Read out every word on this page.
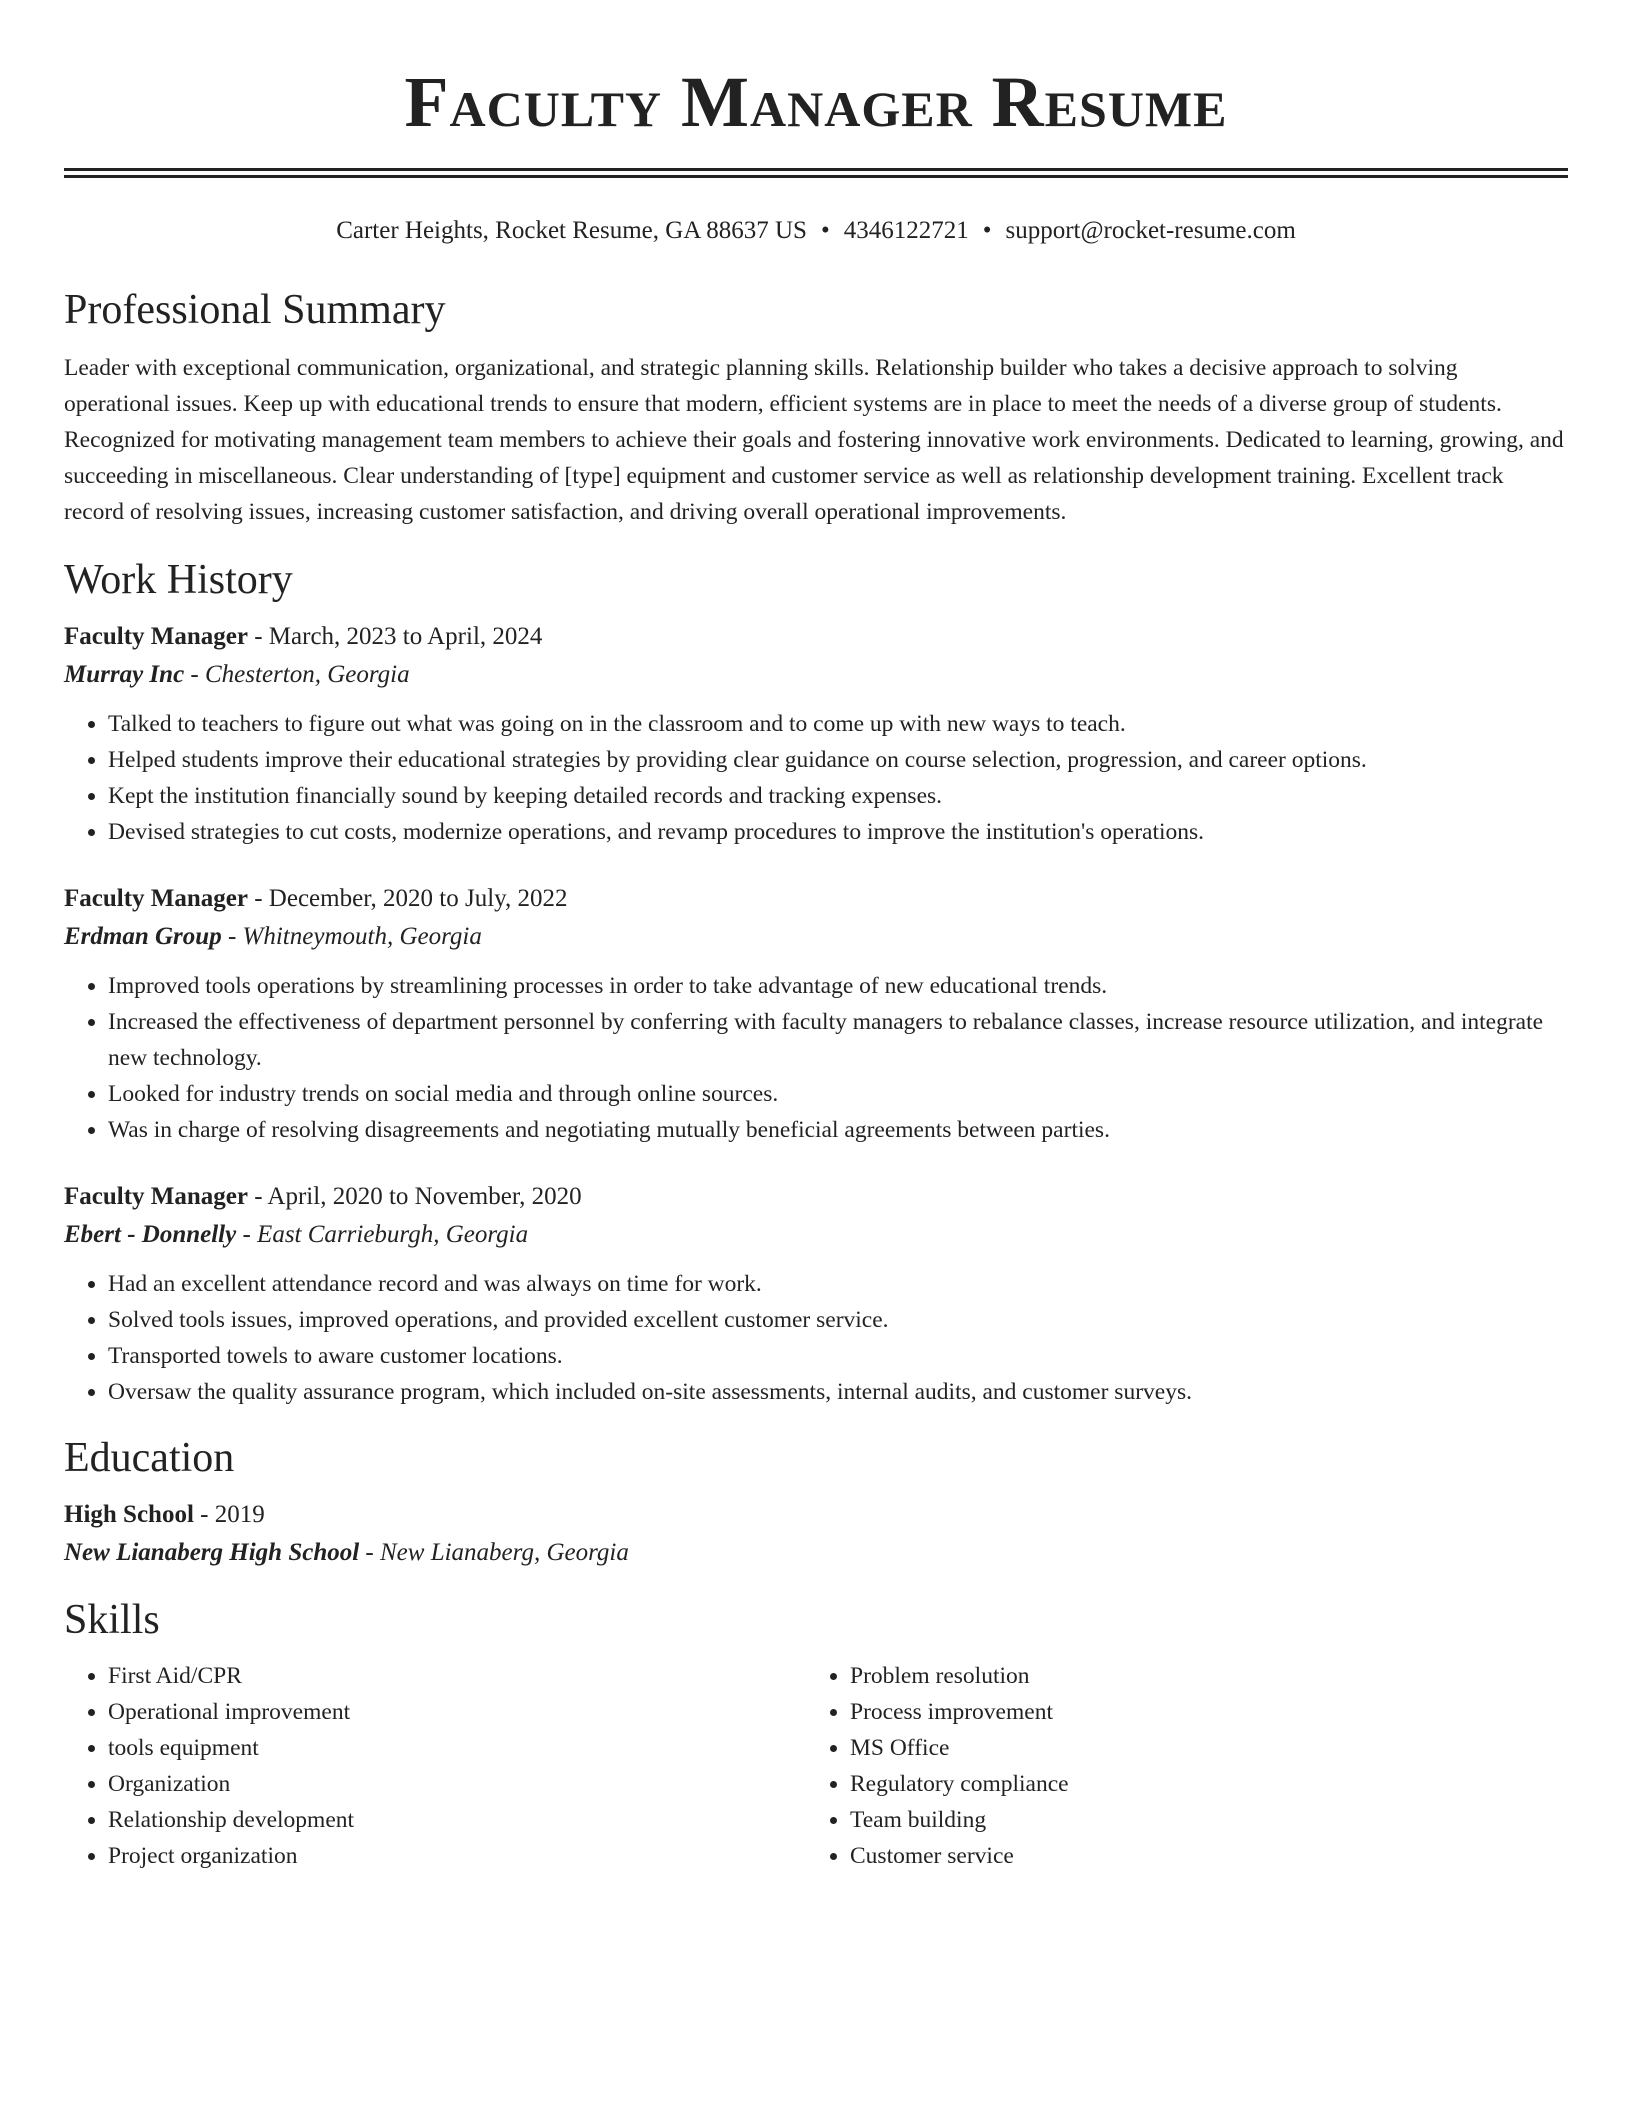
Faculty Manager Resume
Carter Heights, Rocket Resume, GA 88637 US • 4346122721 • support@rocket-resume.com
Professional Summary

Leader with exceptional communication, organizational, and strategic planning skills. Relationship builder who takes a decisive approach to solving operational issues. Keep up with educational trends to ensure that modern, efficient systems are in place to meet the needs of a diverse group of students. Recognized for motivating management team members to achieve their goals and fostering innovative work environments. Dedicated to learning, growing, and succeeding in miscellaneous. Clear understanding of [type] equipment and customer service as well as relationship development training. Excellent track record of resolving issues, increasing customer satisfaction, and driving overall operational improvements.

Work History
Faculty Manager - March, 2023 to April, 2024
Murray Inc - Chesterton, Georgia
• Talked to teachers to figure out what was going on in the classroom and to come up with new ways to teach.
• Helped students improve their educational strategies by providing clear guidance on course selection, progression, and career options.
• Kept the institution financially sound by keeping detailed records and tracking expenses.
• Devised strategies to cut costs, modernize operations, and revamp procedures to improve the institution's operations.
Faculty Manager - December, 2020 to July, 2022
Erdman Group - Whitneymouth, Georgia
• Improved tools operations by streamlining processes in order to take advantage of new educational trends.
• Increased the effectiveness of department personnel by conferring with faculty managers to rebalance classes, increase resource utilization, and integrate new technology.
• Looked for industry trends on social media and through online sources.
• Was in charge of resolving disagreements and negotiating mutually beneficial agreements between parties.
Faculty Manager - April, 2020 to November, 2020
Ebert - Donnelly - East Carrieburgh, Georgia
• Had an excellent attendance record and was always on time for work.
• Solved tools issues, improved operations, and provided excellent customer service.
• Transported towels to aware customer locations.
• Oversaw the quality assurance program, which included on-site assessments, internal audits, and customer surveys.
Education
High School - 2019
New Lianaberg High School - New Lianaberg, Georgia
Skills
• First Aid/CPR
• Operational improvement
• tools equipment
• Organization
• Relationship development
• Project organization
• Problem resolution
• Process improvement
• MS Office
• Regulatory compliance
• Team building
• Customer service
